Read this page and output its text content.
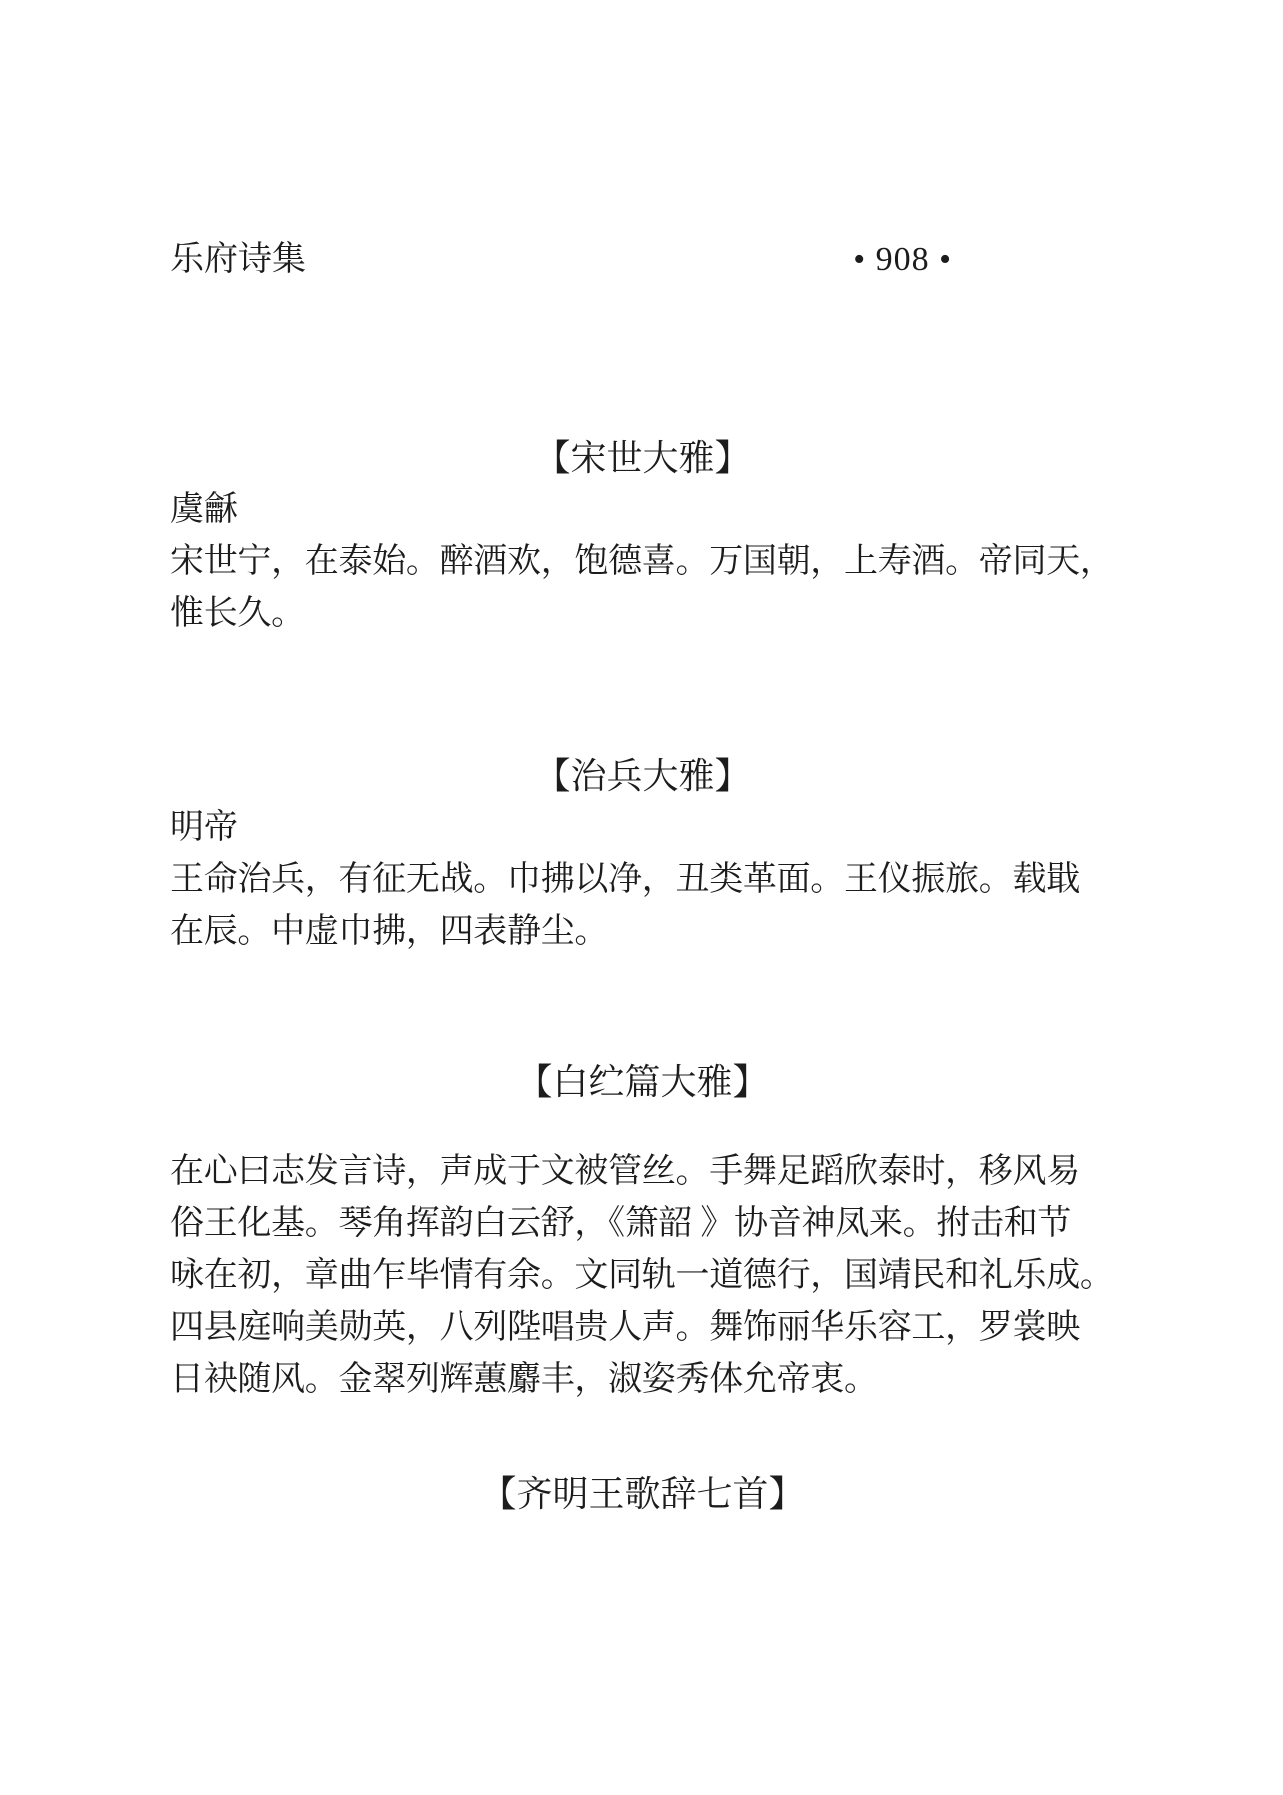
乐府诗集	• 908 •
【宋世大雅】
虞龢
宋世宁，在泰始。醉酒欢，饱德喜。万国朝，上寿酒。帝同天，
惟长久。
【治兵大雅】
明帝
王命治兵，有征无战。巾拂以净，丑类革面。王仪振旅。载戢
在辰。中虚巾拂，四表静尘。
【白纻篇大雅】
在心曰志发言诗，声成于文被管丝。手舞足蹈欣泰时，移风易
俗王化基。琴角挥韵白云舒，《箫韶 》协音神凤来。拊击和节
咏在初，章曲乍毕情有余。文同轨一道德行，国靖民和礼乐成。
四县庭响美勋英，八列陛唱贵人声。舞饰丽华乐容工，罗裳映
日袂随风。金翠列辉蕙麝丰，淑姿秀体允帝衷。
【齐明王歌辞七首】
